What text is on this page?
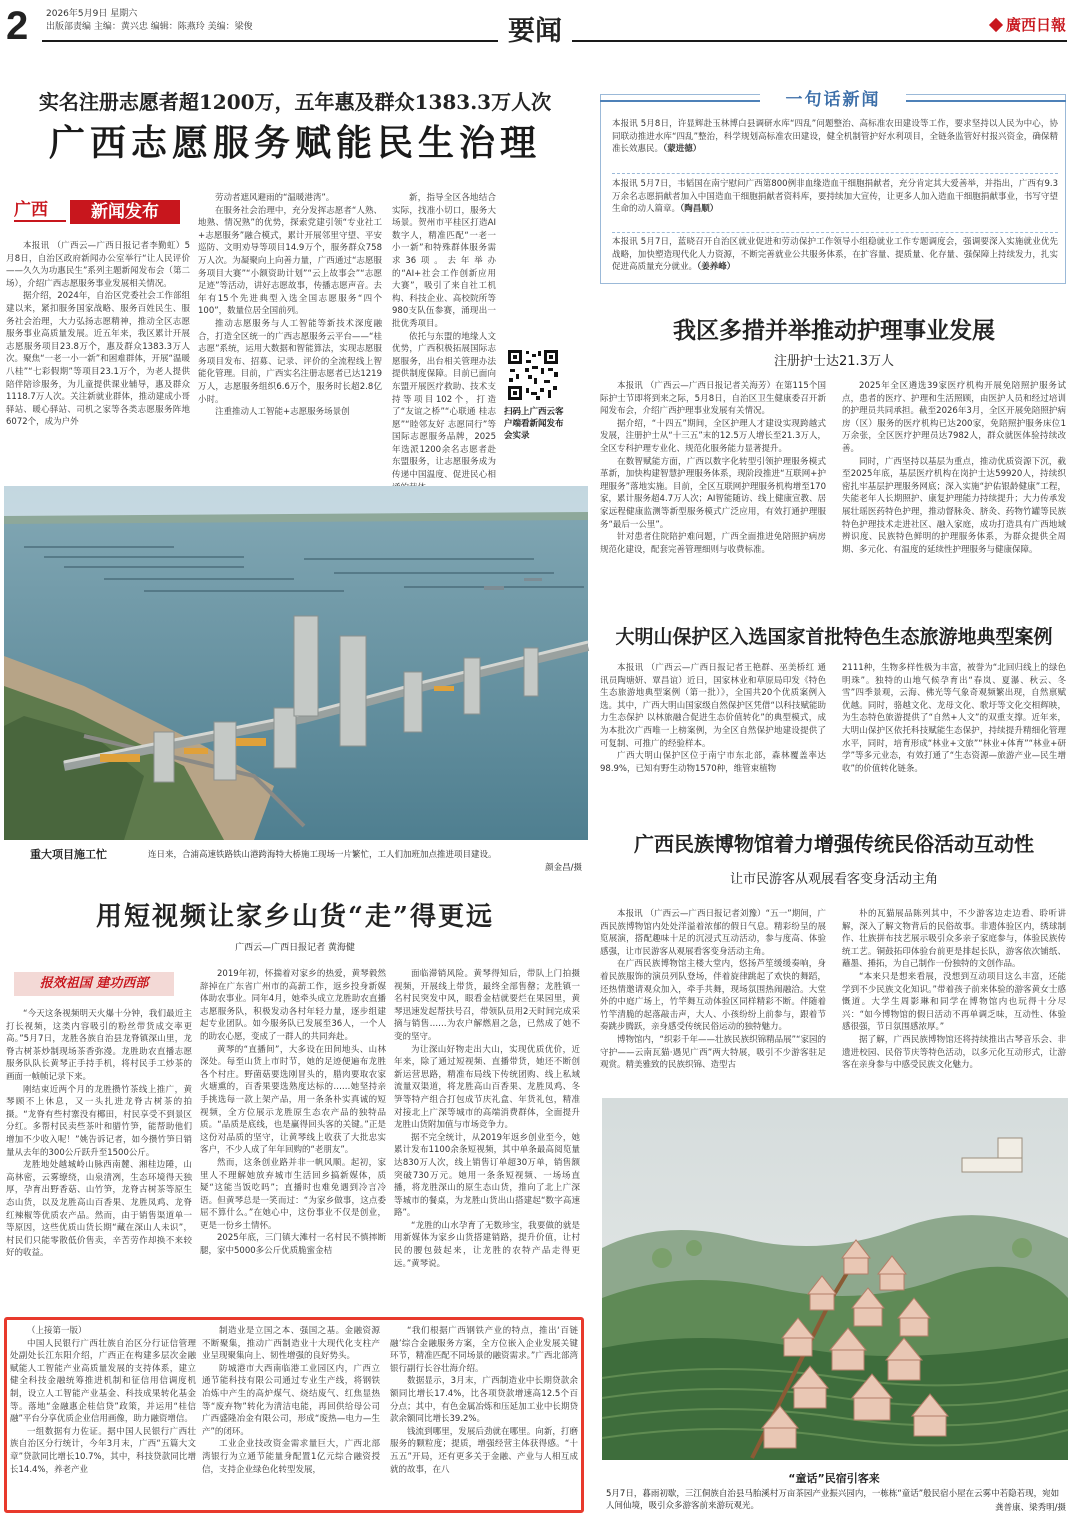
2 2026年5月9日 星期六
出版部责编 主编：黄兴忠 编辑：陈燕玲 美编：梁俊	要闻	廣西日報
实名注册志愿者超1200万，五年惠及群众1383.3万人次
广西志愿服务赋能民生治理
广西	新闻发布

本报讯 （广西云—广西日报记者李勤虹）5月8日，自治区政府新闻办公室举行“让人民评价——久久为功惠民生”系列主题新闻发布会（第二场），介绍广西志愿服务事业发展相关情况。

据介绍，2024年，自治区党委社会工作部组建以来，紧扣服务国家战略、服务百姓民生、服务社会治理，大力弘扬志愿精神，推动全区志愿服务事业高质量发展。近五年来，我区累计开展志愿服务项目23.8万个，惠及群众1383.3万人次。聚焦“一老一小一新”和困难群体，开展“温暖八桂”“七彩假期”等项目23.1万个，为老人提供陪伴陪诊服务，为儿童提供课业辅导，惠及群众1118.7万人次。关注新就业群体，推动建成小哥驿站、暖心驿站、司机之家等各类志愿服务阵地6072个，成为户外

劳动者遮风避雨的“温暖港湾”。

在服务社会治理中，充分发挥志愿者“人熟、地熟、情况熟”的优势，探索党建引领“专业社工+志愿服务”融合模式，累计开展邻里守望、平安巡防、文明劝导等项目14.9万个，服务群众758万人次。为凝聚向上向善力量，广西通过“志愿服务项目大赛”“小额资助计划”“云上故事会”“志愿足迹”等活动，讲好志愿故事，传播志愿声音。去年有15个先进典型入选全国志愿服务“四个100”，数量位居全国前列。

推动志愿服务与人工智能等新技术深度融合，打造全区统一的广西志愿服务云平台——“桂志愿”系统，运用大数据和智能算法，实现志愿服务项目发布、招募、记录、评价的全流程线上智能化管理。目前，广西实名注册志愿者已达1219万人，志愿服务组织6.6万个，服务时长超2.8亿小时。

注重推动人工智能+志愿服务场景创

新，指导全区各地结合实际，找准小切口，服务大场景。贺州市平桂区打造AI数字人，精准匹配“一老一小一新”和特殊群体服务需求36项。去年举办的“AI+社会工作创新应用大赛”，吸引了来自社工机构、科技企业、高校院所等980支队伍参赛，涌现出一批优秀项目。

依托与东盟的地缘人文优势，广西积极拓展国际志愿服务，出台相关管理办法提供制度保障。目前已面向东盟开展医疗救助、技术支持等项目102个，打造了“友谊之桥”“心联通 桂志愿”“睦邻友好 志愿同行”等国际志愿服务品牌，2025年选派1200余名志愿者赴东盟服务，让志愿服务成为传递中国温度、促进民心相

扫码上广西云客户端看新闻发布会实录
重大项目施工忙	连日来，合浦高速铁路铁山港跨海特大桥施工现场一片繁忙，工人们加班加点推进项目建设。
颜金昌/摄
用短视频让家乡山货“走”得更远
广西云—广西日报记者 黄海健
报效祖国 建功西部

“今天这条视频明天火爆十分钟，我们最近主打长视频，这类内容吸引的粉丝带货成交率更高。”5月7日，龙胜各族自治县龙脊镇深山里，龙脊古树茶炒制现场茶香弥漫。龙胜助农直播志愿服务队队长黄琴正手持手机，将村民手工炒茶的画面一帧帧记录下来。

刚结束近两个月的龙胜攒竹茶线上推广，黄琴顾不上休息，又一头扎进龙脊古树茶的拍摄。“龙脊有些村寨没有椰田，村民享受不到景区分红。多帮村民卖些茶叶和腊竹笋，能帮助他们增加不少收入呢！”姚告诉记者，如今攒竹笋日销量从去年的300公斤跃升至1500公斤。

龙胜地处越城岭山脉西南麓、湘桂边陲，山高林密，云雾缭绕，山泉清冽，生态环境得天独厚，孕育出野香菇、山竹笋，龙脊古树茶等原生态山货，以及龙胜高山百香果、龙胜凤鸡、龙脊红辣椒等优质农产品。然而，由于销售渠道单一等原因，这些优质山货长期“藏在深山人未识”，村民们只能零散低价售卖，辛苦劳作却换不来较好的收益。

2019年初，怀揣着对家乡的热爱，黄琴毅然辞掉在广东省广州市的高薪工作，返乡投身新媒体助农事业。同年4月，她牵头成立龙胜助农直播志愿服务队，积极发动各村年轻力量，逐步组建起专业团队。如今服务队已发展至36人，一个人的助农心愿，变成了一群人的共同奔赴。

黄琴的“直播间”，大多设在田间地头、山林深处。每至山货上市时节，她的足迹便遍布龙胜各个村庄。野菌菇要选刚冒头的，腊肉要取农家火塘熏的，百香果要选熟度达标的……她坚持亲手挑选每一款上架产品，用一条条朴实真诚的短视频，全方位展示龙胜原生态农产品的独特品质。“品质是底线，也是赢得回头客的关键。”正是这份对品质的坚守，让黄琴线上收获了大批忠实客户，不少人成了年年回购的“老朋友”。

然而，这条创业路并非一帆风顺。起初，家里人不理解她放弃城市生活回乡搞新媒体，质疑“这能当饭吃吗”；直播时也难免遇到冷言冷语。但黄琴总是一笑而过：“为家乡做事，这点委屈不算什么。”在她心中，这份事业不仅是创业，更是一份乡土情怀。

2025年底，三门镇大滩村一名村民不慎摔断腿，家中5000多公斤优质脆蜜金桔

面临滞销风险。黄琴得知后，带队上门拍摄视频，开展线上带货，最终全部售罄；龙胜镇一名村民突发中风，眼看金桔就要烂在果园里，黄琴迅速发起帮扶号召，带领队员用2天时间完成采摘与销售……为农户解燃眉之急，已然成了她不变的坚守。

为让深山好物走出大山，实现优质优价，近年来，除了通过短视频、直播带货，她还不断创新运营思路，精准布局线下传统团购、线上私域流量双渠道，将龙胜高山百香果、龙胜凤鸡、冬笋等特产组合打包成节庆礼盒、年货礼包，精准对接北上广深等城市的高端消费群体，全面提升龙胜山货附加值与市场竞争力。

据不完全统计，从2019年返乡创业至今，她累计发布1100余条短视频，其中单条最高阅览量达830万人次，线上销售订单超30万单，销售额突破730万元。她用一条条短视频、一场场直播，将龙胜深山的原生态山货，推向了北上广深等城市的餐桌，为龙胜山货出山搭建起“数字高速路”。

“龙胜的山水孕育了无数珍宝，我要做的就是用新媒体为家乡山货搭建销路，提升价值，让村民的腰包鼓起来，让龙胜的农特产品走得更远。”黄琴说。

（上接第一版）

中国人民银行广西壮族自治区分行证信管理处副处长江东阳介绍，广西正在构建多层次金融赋能人工智能产业高质量发展的支持体系，建立健全科技金融统筹推进机制和征信用信调度机制，设立人工智能产业基金、科技成果转化基金等。落地“金融惠企桂信贷”政策，并运用“桂信融”平台分享优质企业信用画像，助力融资增信。

一组数据有力佐证。据中国人民银行广西壮族自治区分行统计，今年3月末，广西“五篇大文章”贷款同比增长10.7%，其中，科技贷款同比增长14.4%，养老产业

制造业是立国之本、强国之基。金融资源不断聚集，推动广西制造业十大现代化支柱产业呈现聚集向上、韧性增强的良好势头。

防城港市大西南临港工业园区内，广西立通节能科技有限公司通过专业生产线，将钢铁冶炼中产生的高炉煤气、烧结废气、红焦显热等“废弃物”转化为清洁电能，再回供给母公司广西盛隆冶金有限公司，形成“废热—电力—生产”的闭环。

工业企业技改资金需求量巨大，广西北部湾银行为立通节能量身配置1亿元综合融资授信，支持企业绿色化转型发展，

“我们根据广西钢铁产业的特点，推出‘百链融’综合金融服务方案，全方位嵌入企业发展关键环节，精准匹配不同场景的融资需求。”广西北部湾银行副行长谷壮海介绍。

数据显示，3月末，广西制造业中长期贷款余额同比增长17.4%，比各项贷款增速高12.5个百分点；其中，有色金属冶炼和压延加工业中长期贷款余额同比增长39.2%。

钱流到哪里，发展后劲就在哪里。向新，打磨服务的颗粒度；提质，增强经营主体获得感。“十五五”开局，还有更多关于金融、产业与人相互成就的故事，在八

一句话新闻
本报讯 5月8日，许显辉赴玉林博白县调研水库“四乱”问题整治、高标准农田建设等工作，要求坚持以人民为中心，协同联动推进水库“四乱”整治，科学规划高标准农田建设，健全机制管护好水利项目，全链条监管好村报兴资金，确保精准长效惠民。（蒙进德）
本报讯 5月7日，韦韬国在南宁慰问广西第800例非血缘造血干细胞捐献者，充分肯定其大爱善举，并指出，广西有9.3万余名志愿捐献者加入中国造血干细胞捐献者资料库，要持续加大宣传，让更多人加入造血干细胞捐献事业，书写守望生命的动人篇章。（陶昌顺）
本报讯 5月7日，蓝晓召开自治区就业促进和劳动保护工作领导小组稳就业工作专题调度会，强调要深入实施就业优先战略，加快塑造现代化人力资源，不断完善就业公共服务体系，在扩容量、提质量、化存量、强保障上持续发力，扎实促进高质量充分就业。（姜养峰）
我区多措并举推动护理事业发展
注册护士达21.3万人

本报讯 （广西云—广西日报记者关海芳）在第115个国际护士节即将到来之际，5月8日，自治区卫生健康委召开新闻发布会，介绍广西护理事业发展有关情况。

据介绍，“十四五”期间，全区护理人才建设实现跨越式发展，注册护士从“十三五”末的12.5万人增长至21.3万人，全区专科护理专业化、规范化服务能力显著提升。

在数智赋能方面，广西以数字化转型引领护理服务模式革新，加快构建智慧护理服务体系，现阶段推进“互联网+护理服务”落地实施。目前，全区互联网护理服务机构增至170家，累计服务超4.7万人次；AI智能随访、线上健康宣教、居家远程健康监测等新型服务模式广泛应用，有效打通护理服务“最后一公里”。

针对患者住院陪护难问题，广西全面推进免陪照护病房规范化建设，配套完善管理细则与收费标准。

2025年全区遴选39家医疗机构开展免陪照护服务试点，患者的医疗、护理和生活照顾，由医护人员和经过培训的护理员共同承担。截至2026年3月，全区开展免陪照护病房（区）服务的医疗机构已达200家，免陪照护服务床位1万余张，全区医疗护理员达7982人，群众就医体验持续改善。

同时，广西坚持以基层为重点，推动优质资源下沉，截至2025年底，基层医疗机构在岗护士达59920人，持续织密扎牢基层护理服务网底；深入实施“护佑银龄健康”工程，失能老年人长期照护、康复护理能力持续提升；大力传承发展壮瑶医药特色护理，推动督脉灸、脐灸、药物竹罐等民族特色护理技术走进社区、融入家庭，成功打造具有广西地域辨识度、民族特色鲜明的护理服务体系，为群众提供全周期、多元化、有温度的延续性护理服务与健康保障。

大明山保护区入选国家首批特色生态旅游地典型案例

本报讯 （广西云—广西日报记者王艳群、巫美桥红 通讯员陶塘妍、覃昌谊）近日，国家林业和草原局印发《特色生态旅游地典型案例（第一批）》，全国共20个优质案例入选。其中，广西大明山国家级自然保护区凭借“以科技赋能助力生态保护 以林旅融合促进生态价值转化”的典型模式，成为本批次广西唯一上榜案例，为全区自然保护地建设提供了可复制、可推广的经验样本。

广西大明山保护区位于南宁市东北部，森林覆盖率达98.9%，已知有野生动物1570种，维管束植物

2111种，生物多样性极为丰富，被誉为“北回归线上的绿色明珠”。独特的山地气候孕育出“春岚、夏瀑、秋云、冬雪”四季景观，云海、佛光等气象奇观频繁出现，自然禀赋优越。同时，骆越文化、龙母文化、歌圩等文化交相辉映，为生态特色旅游提供了“自然+人文”的双重支撑。近年来，大明山保护区依托科技赋能生态保护，持续提升精细化管理水平，同时，培育形成“林业+文旅”“林业+体育”“林业+研学”等多元业态，有效打通了“生态资源—旅游产业—民生增收”的价值转化链条。
广西民族博物馆着力增强传统民俗活动互动性
让市民游客从观展看客变身活动主角

本报讯 （广西云—广西日报记者刘豫）“五一”期间，广西民族博物馆内处处洋溢着浓郁的假日气息。精彩纷呈的展览展演，搭配趣味十足的沉浸式互动活动，参与度高、体验感强，让市民游客从观展看客变身活动主角。

在广西民族博物馆主楼大堂内，悠扬芦笙缓缓奏响，身着民族服饰的演员列队登场，伴着旋律跳起了欢快的舞蹈，还热情邀请观众加入，牵手共舞，现场氛围热闹融洽。大堂外的中庭广场上，竹竿舞互动体验区同样精彩不断。伴随着竹竿清脆的起落敲击声，大人、小孩纷纷上前参与，跟着节奏跳步腾跃，亲身感受传统民俗运动的独特魅力。

博物馆内，“织彩千年——壮族民族织锦精品展”“家园的守护——云南瓦猫·遇见广西”两大特展，吸引不少游客驻足观赏。精美雅致的民族织锦、造型古

朴的瓦猫展品陈列其中，不少游客边走边看、聆听讲解，深入了解文物背后的民俗故事。非遗体验区内，绣球制作、壮族拼布技艺展示吸引众多亲子家庭参与，体验民族传统工艺。铜鼓拓印体验台前更是排起长队，游客依次铺纸、蘸墨、捶拓，为自己制作一份独特的文创作品。

“本来只是想来看展，没想到互动项目这么丰富，还能学到不少民族文化知识。”带着孩子前来体验的游客黄女士感慨道。大学生周影琳和同学在博物馆内也玩得十分尽兴：“如今博物馆的假日活动不再单调乏味，互动性、体验感很强，节日氛围感浓厚。”

据了解，广西民族博物馆还将持续推出古琴音乐会、非遗进校园、民俗节庆等特色活动，以多元化互动形式，让游客在亲身参与中感受民族文化魅力。

“童话”民宿引客来
5月7日，暮雨初歇，三江侗族自治县马胎溪村万亩茶园产业振兴园内，一栋栋“童话”般民宿小屋在云雾中若隐若现，宛如人间仙境，吸引众多游客前来游玩观光。	龚普康、梁秀明/摄
